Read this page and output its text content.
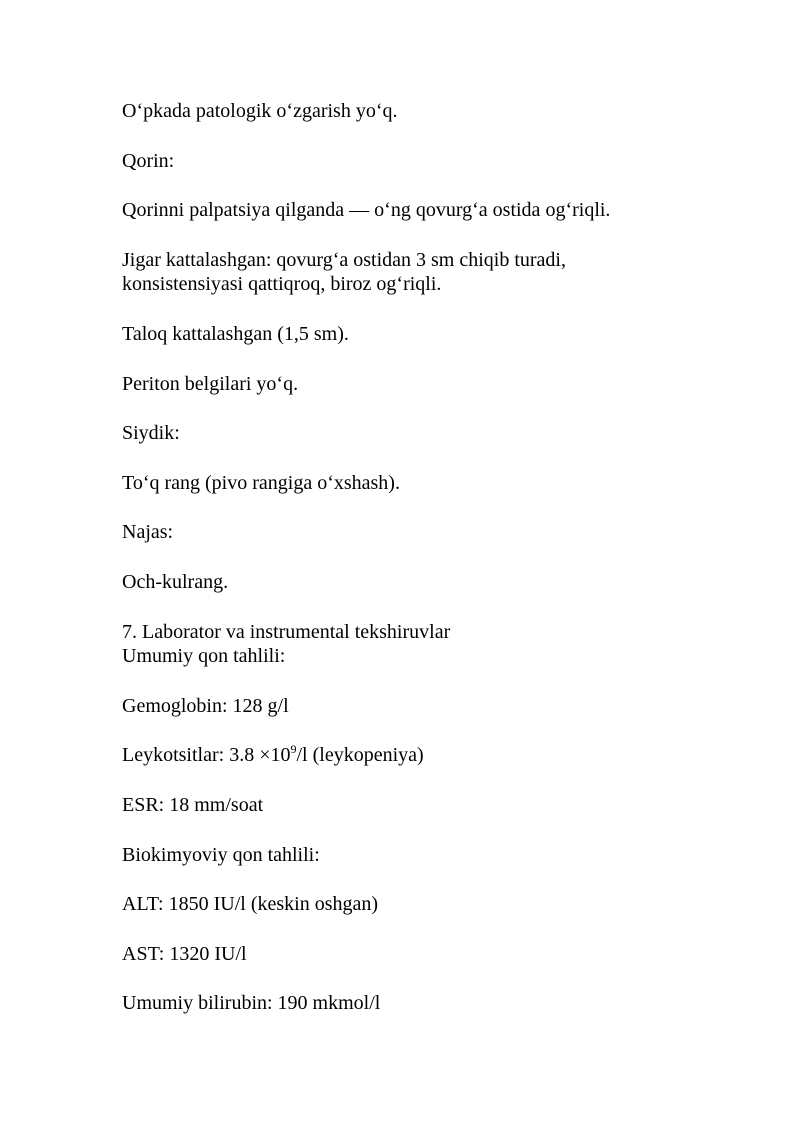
O‘pkada patologik o‘zgarish yo‘q.

Qorin:

Qorinni palpatsiya qilganda — o‘ng qovurg‘a ostida og‘riqli.

Jigar kattalashgan: qovurg‘a ostidan 3 sm chiqib turadi, konsistensiyasi qattiqroq, biroz og‘riqli.

Taloq kattalashgan (1,5 sm).

Periton belgilari yo‘q.

Siydik:

To‘q rang (pivo rangiga o‘xshash).

Najas:

Och-kulrang.

7. Laborator va instrumental tekshiruvlar

Umumiy qon tahlili:

Gemoglobin: 128 g/l

Leykotsitlar: $3.8 \times 10^9/l$ (leykopeniya)

ESR: 18 mm/soat

Biokimyoviy qon tahlili:

ALT: 1850 IU/l (keskin oshgan)

AST: 1320 IU/l

Umumiy bilirubin: 190 mkmol/l
